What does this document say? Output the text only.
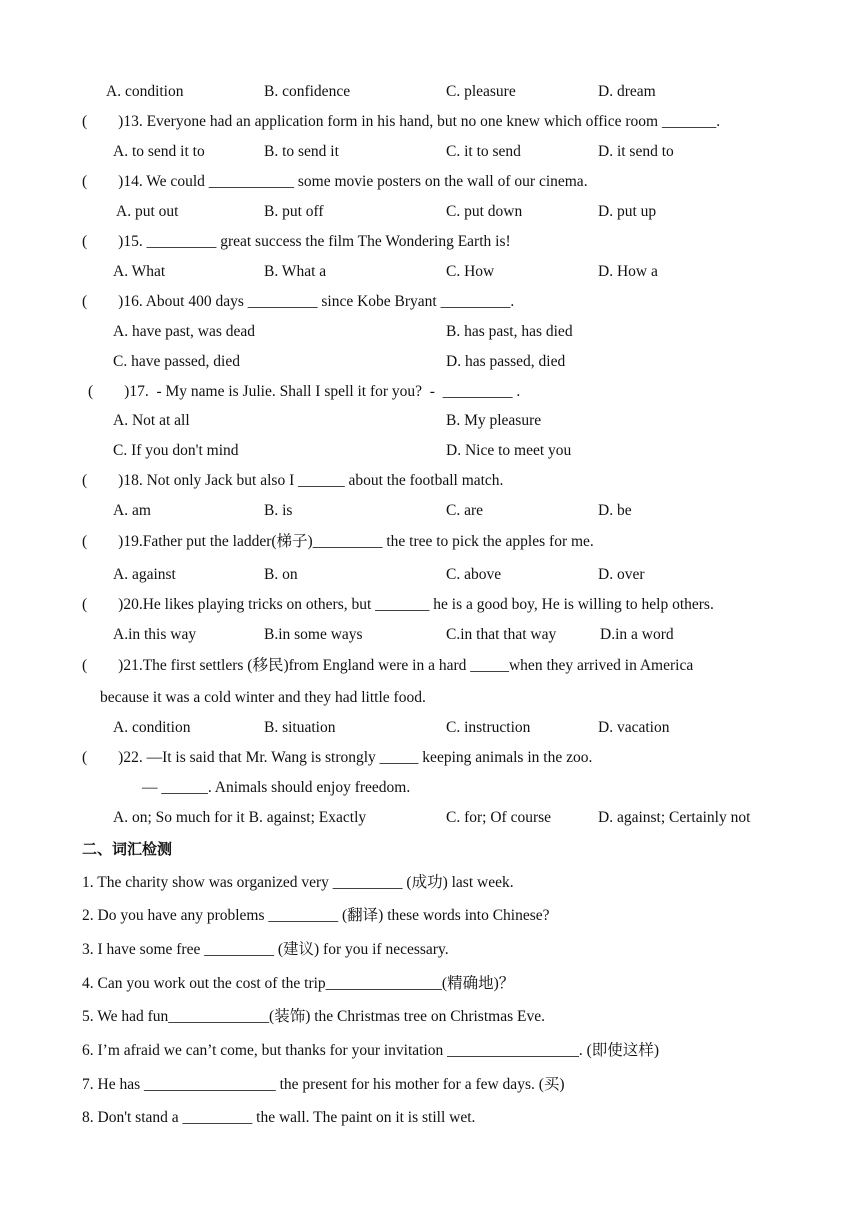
A. condition	B. confidence	C. pleasure	D. dream
(        )13. Everyone had an application form in his hand, but no one knew which office room _______.
A. to send it to	B. to send it	C. it to send	D. it send to
(        )14. We could ___________ some movie posters on the wall of our cinema.
A. put out	B. put off	C. put down	D. put up
(        )15. _________ great success the film The Wondering Earth is!
A. What	B. What a	C. How	D. How a
(        )16. About 400 days _________ since Kobe Bryant _________.
A. have past, was dead	B. has past, has died
C. have passed, died	D. has passed, died
(        )17.  - My name is Julie. Shall I spell it for you?  -  _________ .
A. Not at all	B. My pleasure
C. If you don't mind	D. Nice to meet you
(        )18. Not only Jack but also I ______ about the football match.
A. am	B. is	C. are	D. be
(        )19.Father put the ladder(梯子)_________ the tree to pick the apples for me.
A. against	B. on	C. above	D. over
(        )20.He likes playing tricks on others, but _______ he is a good boy, He is willing to help others.
A.in this way	B.in some ways	C.in that that way	D.in a word
(        )21.The first settlers (移民)from England were in a hard _____when they arrived in America
because it was a cold winter and they had little food.
A. condition	B. situation	C. instruction	D. vacation
(        )22. —It is said that Mr. Wang is strongly _____ keeping animals in the zoo.
— ______. Animals should enjoy freedom.
A. on; So much for it B. against; Exactly	C. for; Of course	D. against; Certainly not
二、词汇检测
1. The charity show was organized very _________ (成功) last week.
2. Do you have any problems _________ (翻译) these words into Chinese?
3. I have some free _________ (建议) for you if necessary.
4. Can you work out the cost of the trip_______________(精确地)？
5. We had fun_____________(装饰) the Christmas tree on Christmas Eve.
6. I’m afraid we can’t come, but thanks for your invitation _________________. (即使这样)
7. He has _________________ the present for his mother for a few days. (买)
8. Don't stand a _________ the wall. The paint on it is still wet.
